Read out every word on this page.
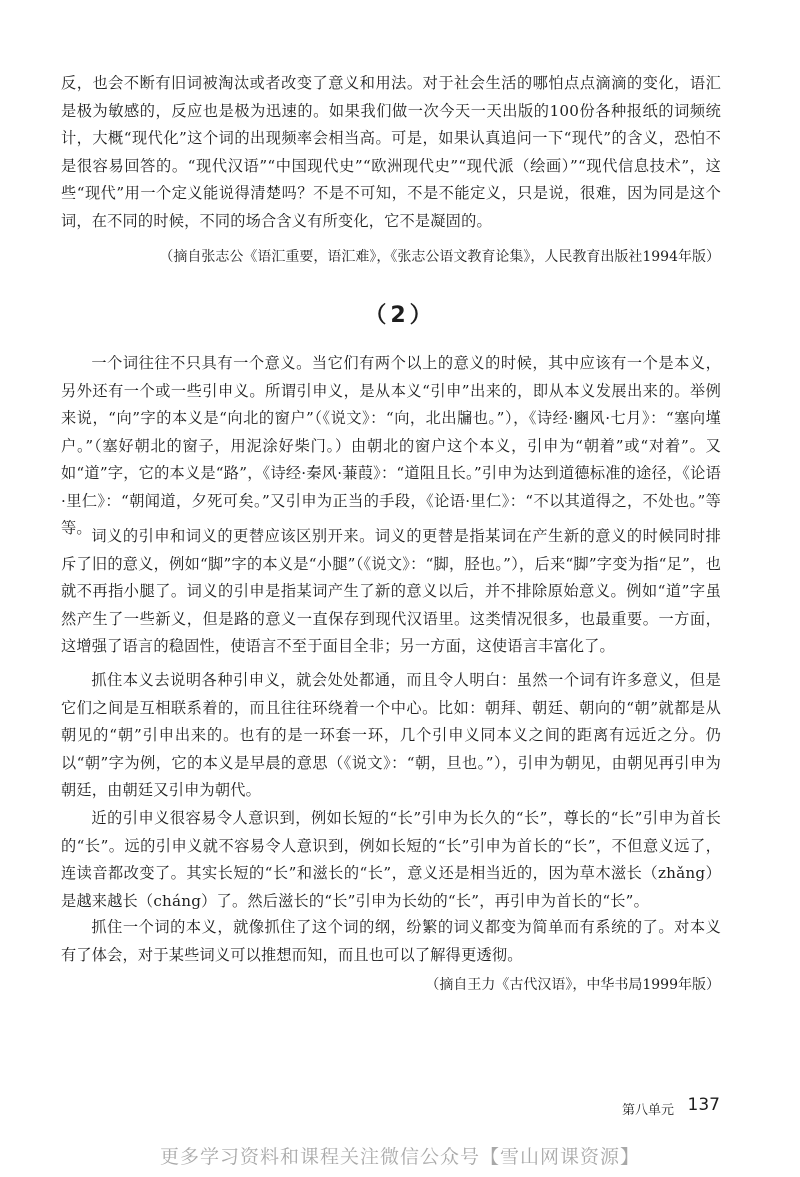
反，也会不断有旧词被淘汰或者改变了意义和用法。对于社会生活的哪怕点点滴滴的变化，语汇是极为敏感的，反应也是极为迅速的。如果我们做一次今天一天出版的100份各种报纸的词频统计，大概“现代化”这个词的出现频率会相当高。可是，如果认真追问一下“现代”的含义，恐怕不是很容易回答的。“现代汉语”“中国现代史”“欧洲现代史”“现代派（绘画）”“现代信息技术”，这些“现代”用一个定义能说得清楚吗？不是不可知，不是不能定义，只是说，很难，因为同是这个词，在不同的时候，不同的场合含义有所变化，它不是凝固的。

（摘自张志公《语汇重要，语汇难》，《张志公语文教育论集》，人民教育出版社1994年版）

（2）

一个词往往不只具有一个意义。当它们有两个以上的意义的时候，其中应该有一个是本义，另外还有一个或一些引申义。所谓引申义，是从本义“引申”出来的，即从本义发展出来的。举例来说，“向”字的本义是“向北的窗户”（《说文》：“向，北出牖也。”），《诗经·豳风·七月》：“塞向墐户。”（塞好朝北的窗子，用泥涂好柴门。）由朝北的窗户这个本义，引申为“朝着”或“对着”。又如“道”字，它的本义是“路”，《诗经·秦风·蒹葭》：“道阻且长。”引申为达到道德标准的途径，《论语·里仁》：“朝闻道，夕死可矣。”又引申为正当的手段，《论语·里仁》：“不以其道得之，不处也。”等等。 词义的引申和词义的更替应该区别开来。词义的更替是指某词在产生新的意义的时候同时排斥了旧的意义，例如“脚”字的本义是“小腿”（《说文》：“脚，胫也。”），后来“脚”字变为指“足”，也就不再指小腿了。词义的引申是指某词产生了新的意义以后，并不排除原始意义。例如“道”字虽然产生了一些新义，但是路的意义一直保存到现代汉语里。这类情况很多，也最重要。一方面，这增强了语言的稳固性，使语言不至于面目全非；另一方面，这使语言丰富化了。

抓住本义去说明各种引申义，就会处处都通，而且令人明白：虽然一个词有许多意义，但是它们之间是互相联系着的，而且往往环绕着一个中心。比如：朝拜、朝廷、朝向的“朝”就都是从朝见的“朝”引申出来的。也有的是一环套一环，几个引申义同本义之间的距离有远近之分。仍以“朝”字为例，它的本义是早晨的意思（《说文》：“朝，旦也。”），引申为朝见，由朝见再引申为朝廷，由朝廷又引申为朝代。

近的引申义很容易令人意识到，例如长短的“长”引申为长久的“长”，尊长的“长”引申为首长的“长”。远的引申义就不容易令人意识到，例如长短的“长”引申为首长的“长”，不但意义远了，连读音都改变了。其实长短的“长”和滋长的“长”，意义还是相当近的，因为草木滋长（zhǎng）是越来越长（cháng）了。然后滋长的“长”引申为长幼的“长”，再引申为首长的“长”。

抓住一个词的本义，就像抓住了这个词的纲，纷繁的词义都变为简单而有系统的了。对本义有了体会，对于某些词义可以推想而知，而且也可以了解得更透彻。

（摘自王力《古代汉语》，中华书局1999年版）

第八单元 137
更多学习资料和课程关注微信公众号【雪山网课资源】
